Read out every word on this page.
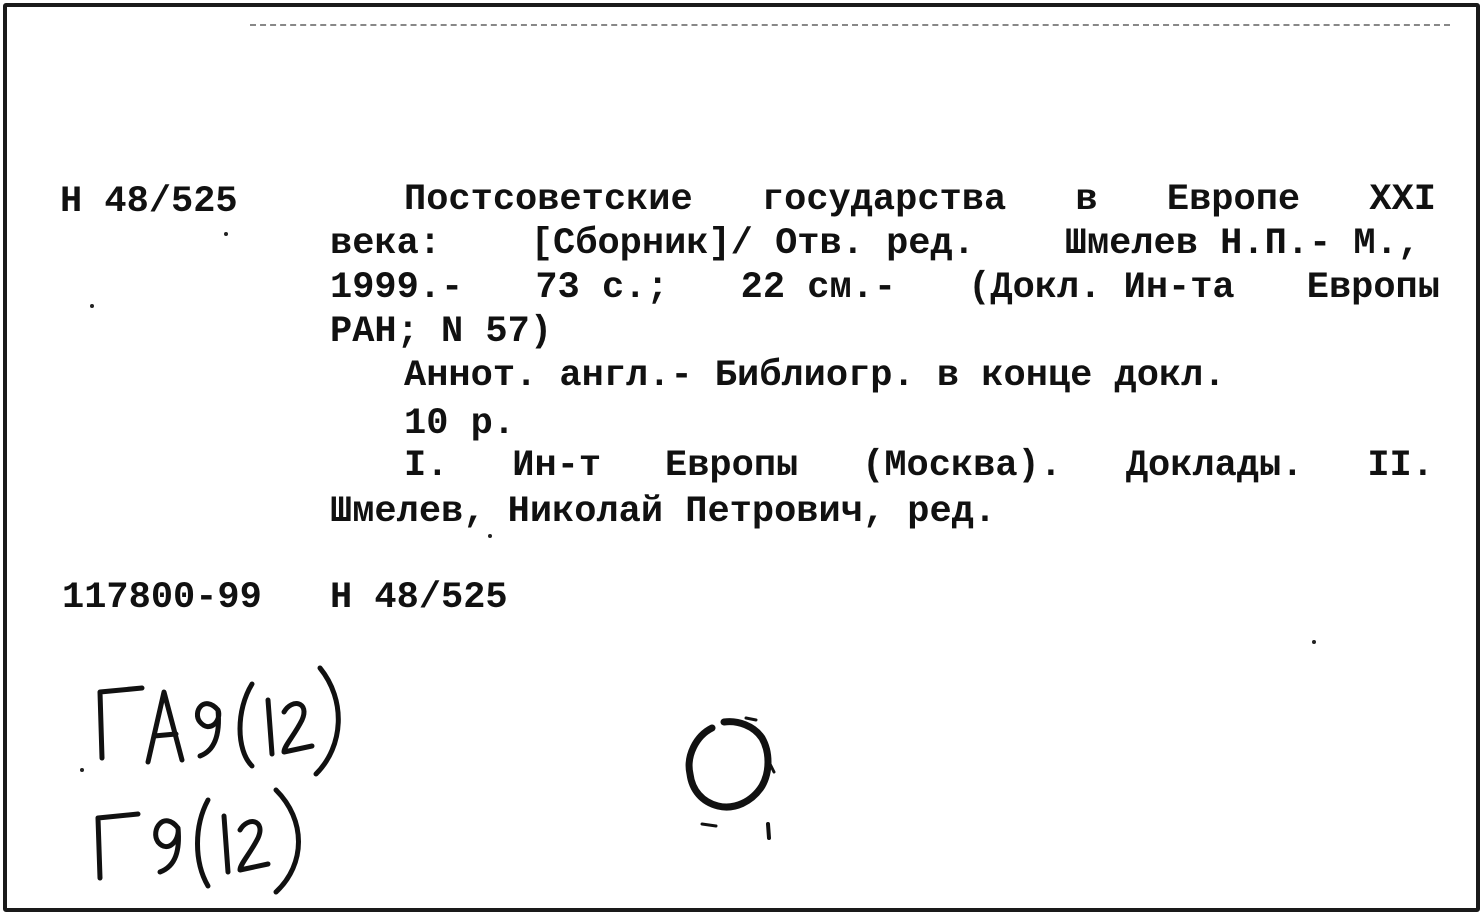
Н 48/525	Постсоветские государства в Европе XXI
века: [Сборник]/ Отв. ред. Шмелев Н.П.- М.,
1999.- 73 с.; 22 см.- (Докл. Ин-та Европы
РАН; N 57)
Аннот. англ.- Библиогр. в конце докл.
10 р.
I. Ин-т Европы (Москва). Доклады. II.
Шмелев, Николай Петрович, ред.
117800-99 Н 48/525
